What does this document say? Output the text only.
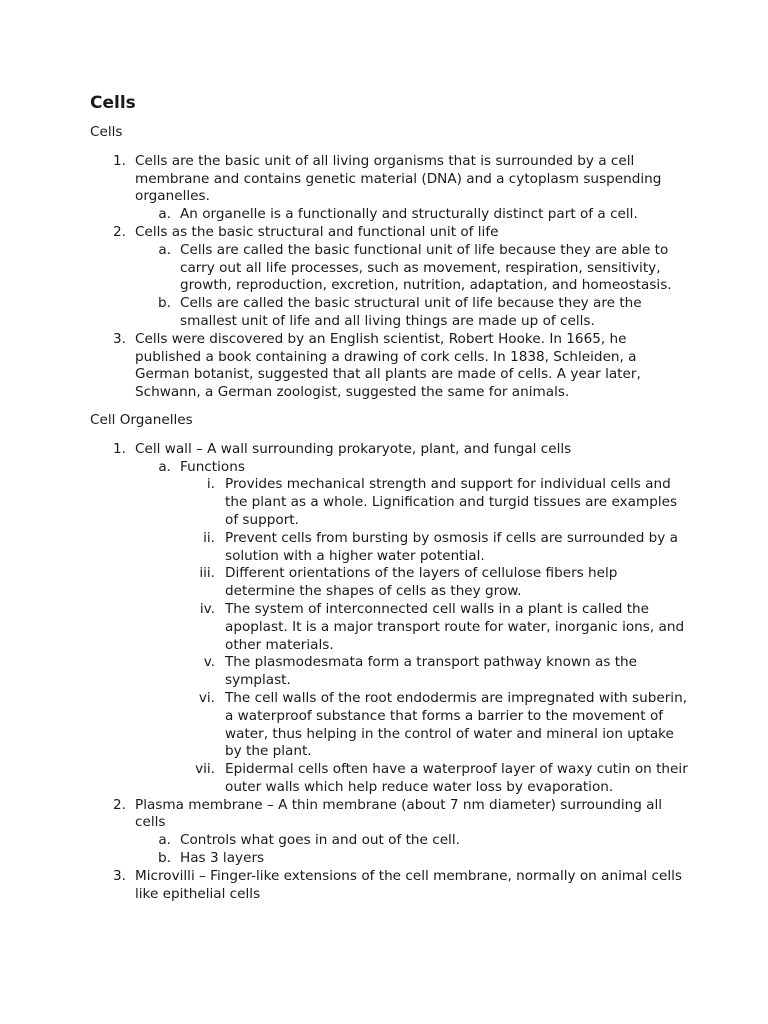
Cells
Cells
1. Cells are the basic unit of all living organisms that is surrounded by a cell membrane and contains genetic material (DNA) and a cytoplasm suspending organelles.
a. An organelle is a functionally and structurally distinct part of a cell.
2. Cells as the basic structural and functional unit of life
a. Cells are called the basic functional unit of life because they are able to carry out all life processes, such as movement, respiration, sensitivity, growth, reproduction, excretion, nutrition, adaptation, and homeostasis.
b. Cells are called the basic structural unit of life because they are the smallest unit of life and all living things are made up of cells.
3. Cells were discovered by an English scientist, Robert Hooke. In 1665, he published a book containing a drawing of cork cells. In 1838, Schleiden, a German botanist, suggested that all plants are made of cells. A year later, Schwann, a German zoologist, suggested the same for animals.
Cell Organelles
1. Cell wall – A wall surrounding prokaryote, plant, and fungal cells
a. Functions
i. Provides mechanical strength and support for individual cells and the plant as a whole. Lignification and turgid tissues are examples of support.
ii. Prevent cells from bursting by osmosis if cells are surrounded by a solution with a higher water potential.
iii. Different orientations of the layers of cellulose fibers help determine the shapes of cells as they grow.
iv. The system of interconnected cell walls in a plant is called the apoplast. It is a major transport route for water, inorganic ions, and other materials.
v. The plasmodesmata form a transport pathway known as the symplast.
vi. The cell walls of the root endodermis are impregnated with suberin, a waterproof substance that forms a barrier to the movement of water, thus helping in the control of water and mineral ion uptake by the plant.
vii. Epidermal cells often have a waterproof layer of waxy cutin on their outer walls which help reduce water loss by evaporation.
2. Plasma membrane – A thin membrane (about 7 nm diameter) surrounding all cells
a. Controls what goes in and out of the cell.
b. Has 3 layers
3. Microvilli – Finger-like extensions of the cell membrane, normally on animal cells like epithelial cells
